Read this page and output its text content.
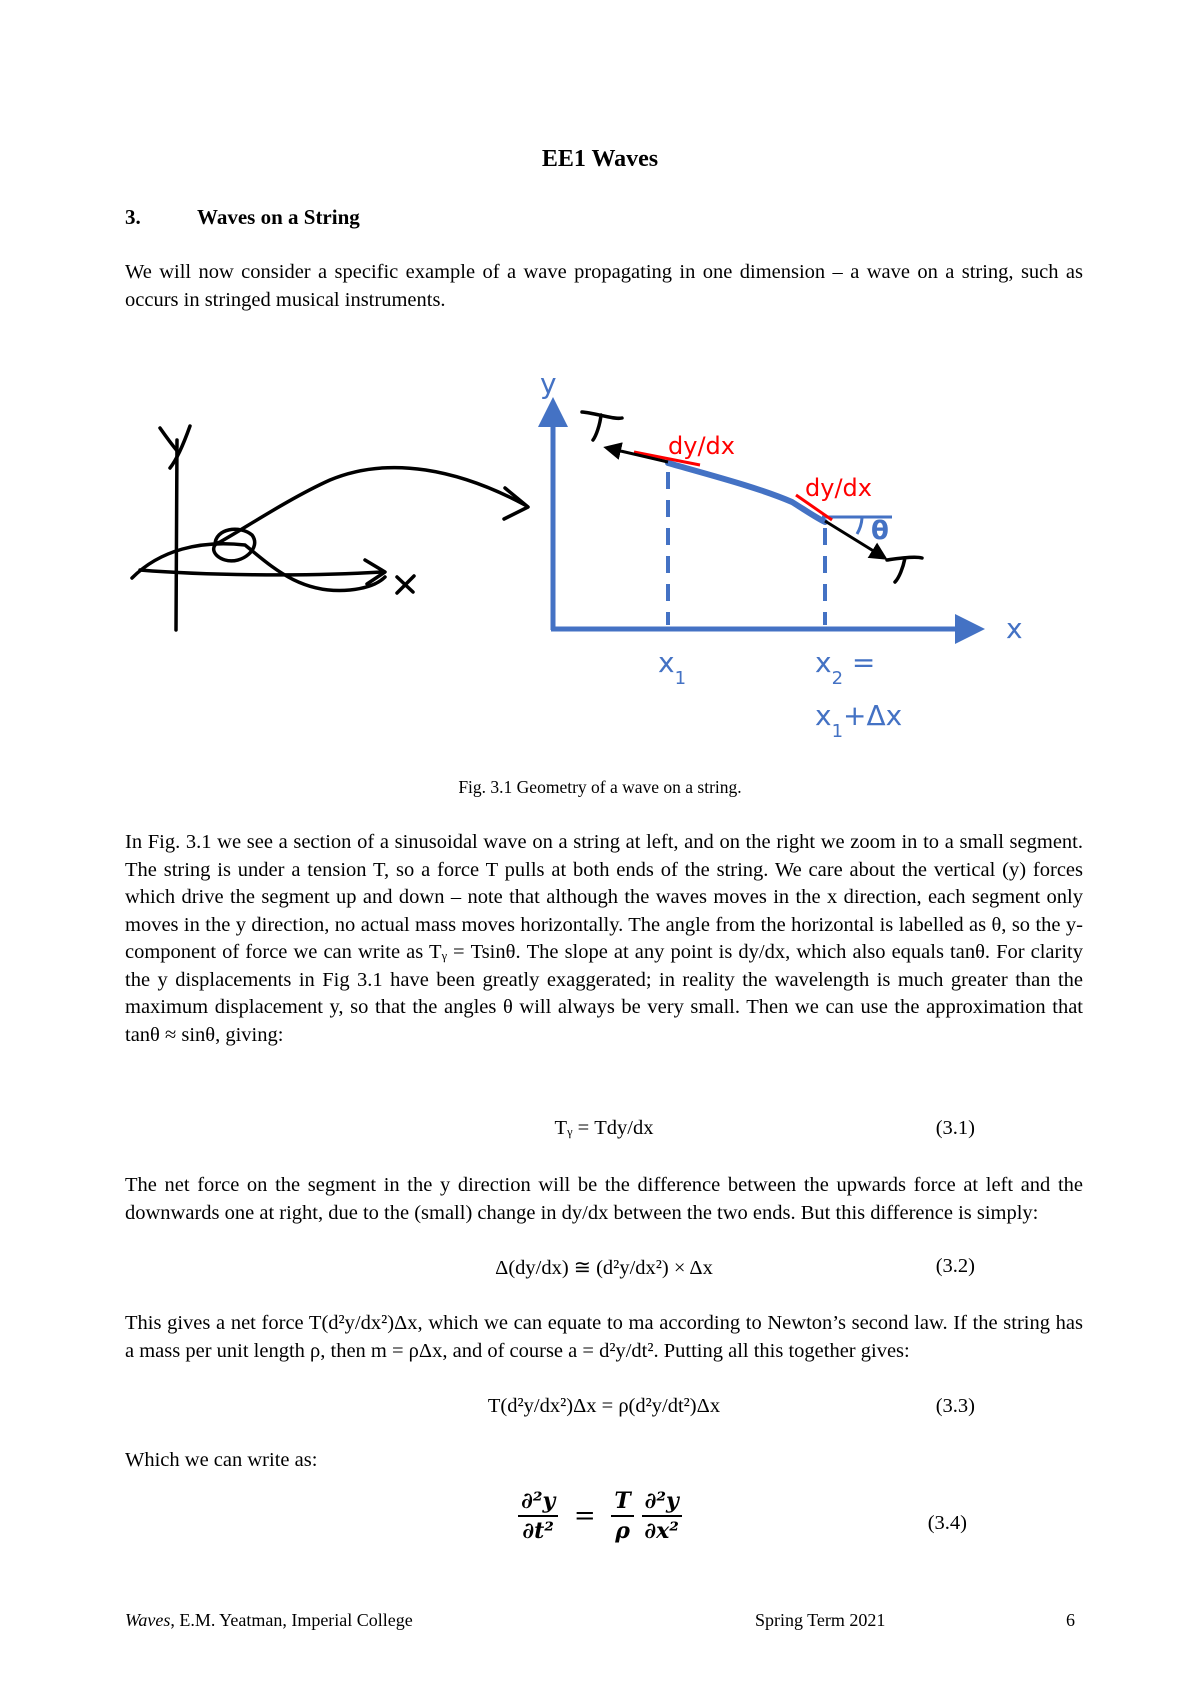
EE1 Waves
3.	Waves on a String

We will now consider a specific example of a wave propagating in one dimension – a wave on a string, such as occurs in stringed musical instruments.

y
x
θ
dy/dx
dy/dx
$x_1$	$x_2$ =
$x_1+\Delta x$
Fig. 3.1 Geometry of a wave on a string.

In Fig. 3.1 we see a section of a sinusoidal wave on a string at left, and on the right we zoom in to a small segment. The string is under a tension T, so a force T pulls at both ends of the string. We care about the vertical (y) forces which drive the segment up and down – note that although the waves moves in the x direction, each segment only moves in the y direction, no actual mass moves horizontally. The angle from the horizontal is labelled as θ, so the y-component of force we can write as Tᵧ = Tsinθ. The slope at any point is dy/dx, which also equals tanθ. For clarity the y displacements in Fig 3.1 have been greatly exaggerated; in reality the wavelength is much greater than the maximum displacement y, so that the angles θ will always be very small. Then we can use the approximation that tanθ ≈ sinθ, giving:

Tᵧ = Tdy/dx	(3.1)

The net force on the segment in the y direction will be the difference between the upwards force at left and the downwards one at right, due to the (small) change in dy/dx between the two ends. But this difference is simply:

Δ(dy/dx) ≅ (d²y/dx²) × Δx	(3.2)

This gives a net force T(d²y/dx²)Δx, which we can equate to ma according to Newton’s second law. If the string has a mass per unit length ρ, then m = ρΔx, and of course a = d²y/dt². Putting all this together gives:

T(d²y/dx²)Δx = ρ(d²y/dt²)Δx	(3.3)

Which we can write as:

$\frac{\text{∂²y}}{\text{∂t²}} = \frac{T}{\rho}$
$\frac{\text{∂²y}}{\text{∂x²}}$	(3.4)
Waves, E.M. Yeatman, Imperial College	Spring Term 2021	6
